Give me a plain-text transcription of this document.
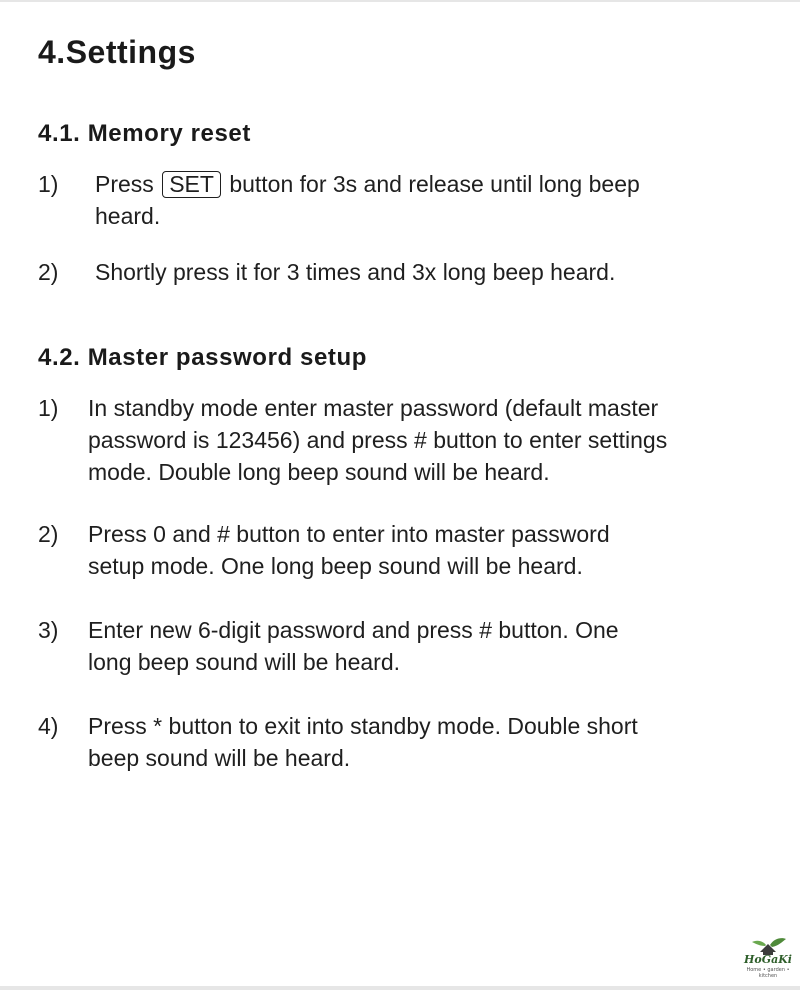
4.Settings
4.1. Memory reset
1)	Press SET button for 3s and release until long beep
heard.
2)	Shortly press it for 3 times and 3x long beep heard.
4.2. Master password setup
1)	In standby mode enter master password (default master
password is 123456) and press # button to enter settings
mode. Double long beep sound will be heard.
2)	Press 0 and # button to enter into master password
setup mode. One long beep sound will be heard.
3)	Enter new 6-digit password and press # button. One
long beep sound will be heard.
4)	Press * button to exit into standby mode. Double short
beep sound will be heard.
HoGaKi
Home • garden • kitchen
